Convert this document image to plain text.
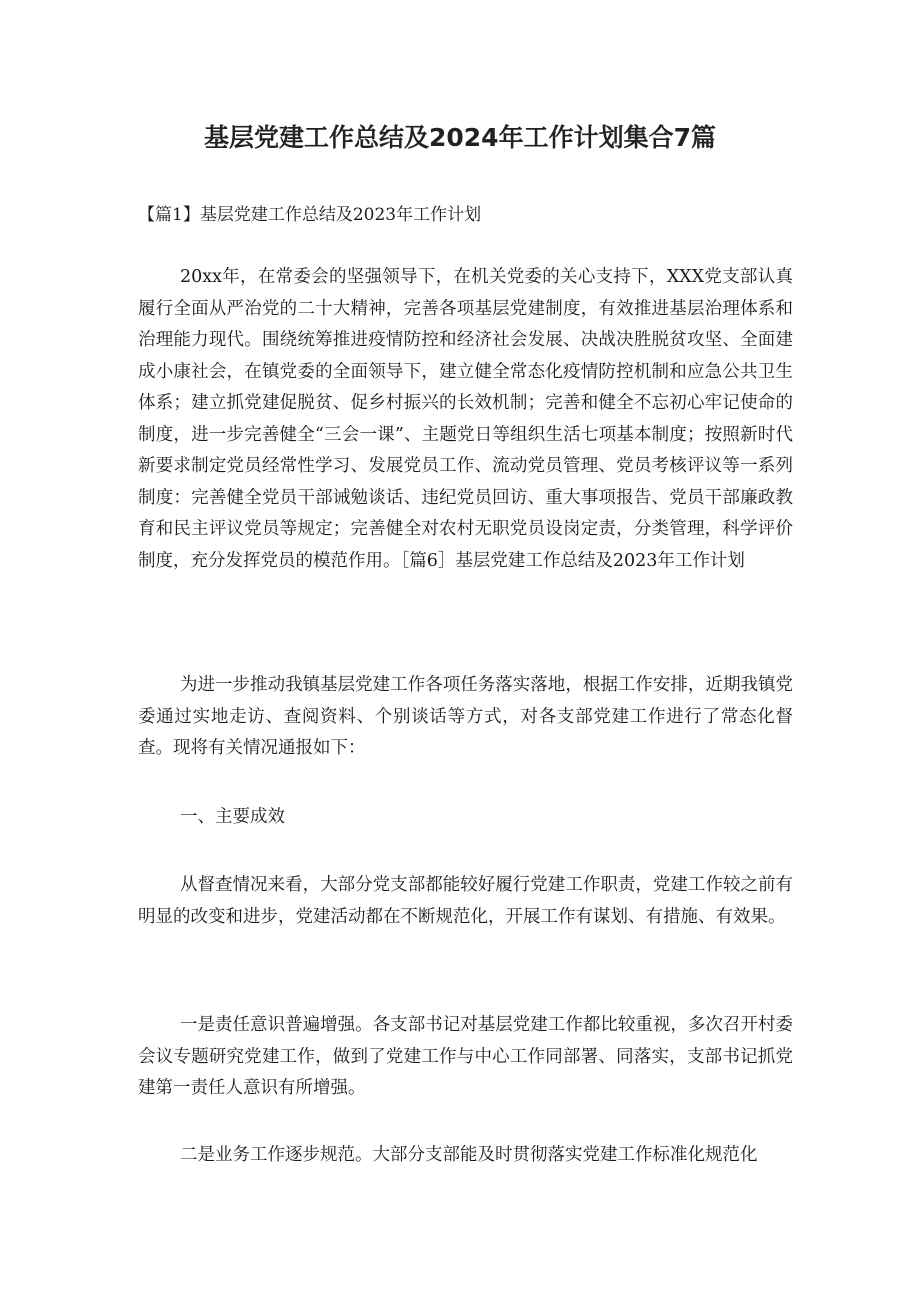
基层党建工作总结及2024年工作计划集合7篇

【篇1】基层党建工作总结及2023年工作计划

20xx年，在常委会的坚强领导下，在机关党委的关心支持下，XXX党支部认真履行全面从严治党的二十大精神，完善各项基层党建制度，有效推进基层治理体系和治理能力现代。围绕统筹推进疫情防控和经济社会发展、决战决胜脱贫攻坚、全面建成小康社会，在镇党委的全面领导下，建立健全常态化疫情防控机制和应急公共卫生体系；建立抓党建促脱贫、促乡村振兴的长效机制；完善和健全不忘初心牢记使命的制度，进一步完善健全“三会一课”、主题党日等组织生活七项基本制度；按照新时代新要求制定党员经常性学习、发展党员工作、流动党员管理、党员考核评议等一系列制度：完善健全党员干部诫勉谈话、违纪党员回访、重大事项报告、党员干部廉政教育和民主评议党员等规定；完善健全对农村无职党员设岗定责，分类管理，科学评价制度，充分发挥党员的模范作用。［篇6］基层党建工作总结及2023年工作计划

为进一步推动我镇基层党建工作各项任务落实落地，根据工作安排，近期我镇党委通过实地走访、查阅资料、个别谈话等方式，对各支部党建工作进行了常态化督查。现将有关情况通报如下：

一、主要成效

从督查情况来看，大部分党支部都能较好履行党建工作职责，党建工作较之前有明显的改变和进步，党建活动都在不断规范化，开展工作有谋划、有措施、有效果。

一是责任意识普遍增强。各支部书记对基层党建工作都比较重视，多次召开村委会议专题研究党建工作，做到了党建工作与中心工作同部署、同落实，支部书记抓党建第一责任人意识有所增强。

二是业务工作逐步规范。大部分支部能及时贯彻落实党建工作标准化规范化
